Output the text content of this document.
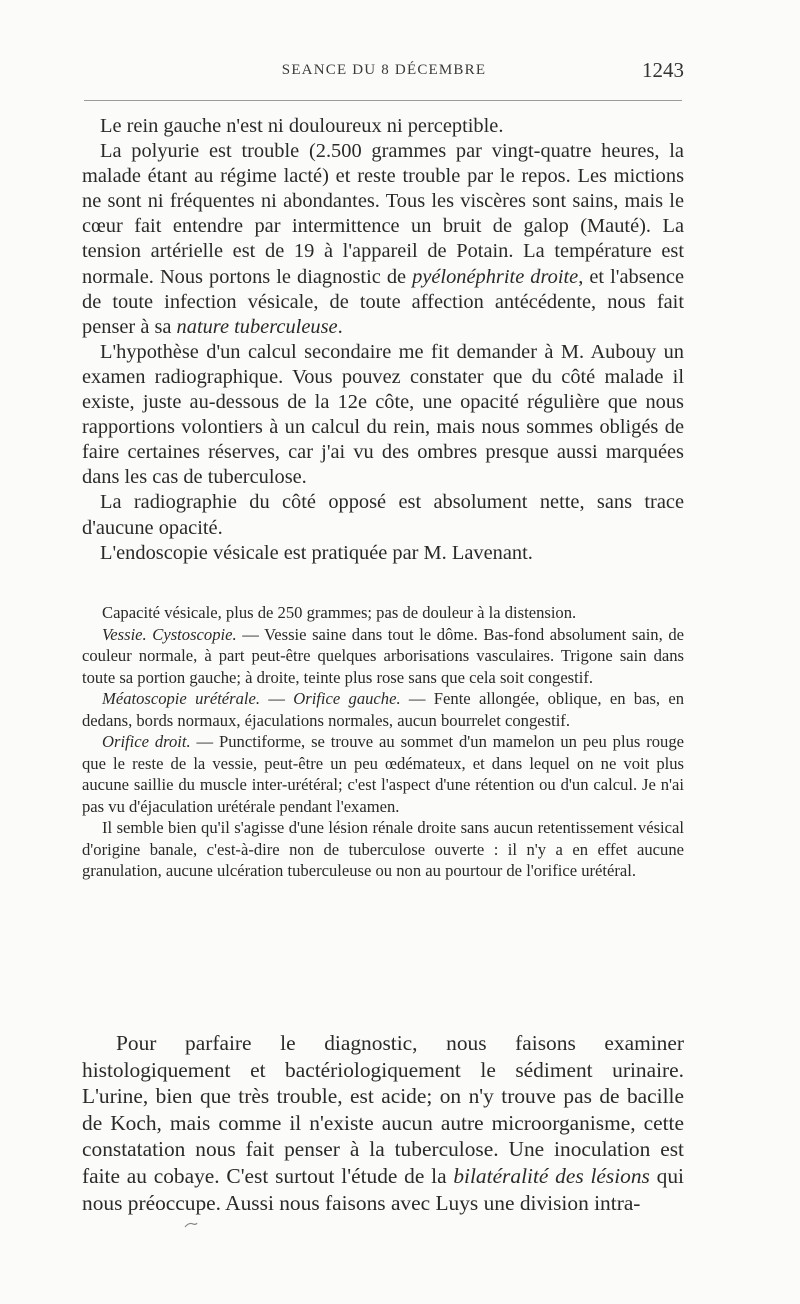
SEANCE DU 8 DÉCEMBRE	1243

Le rein gauche n'est ni douloureux ni perceptible.

La polyurie est trouble (2.500 grammes par vingt-quatre heures, la malade étant au régime lacté) et reste trouble par le repos. Les mictions ne sont ni fréquentes ni abondantes. Tous les viscères sont sains, mais le cœur fait entendre par intermittence un bruit de galop (Mauté). La tension artérielle est de 19 à l'appareil de Potain. La température est normale. Nous portons le diagnostic de pyélonéphrite droite, et l'absence de toute infection vésicale, de toute affection antécédente, nous fait penser à sa nature tuberculeuse.

L'hypothèse d'un calcul secondaire me fit demander à M. Aubouy un examen radiographique. Vous pouvez constater que du côté malade il existe, juste au-dessous de la 12e côte, une opacité régulière que nous rapportions volontiers à un calcul du rein, mais nous sommes obligés de faire certaines réserves, car j'ai vu des ombres presque aussi marquées dans les cas de tuberculose.

La radiographie du côté opposé est absolument nette, sans trace d'aucune opacité.

L'endoscopie vésicale est pratiquée par M. Lavenant.

Capacité vésicale, plus de 250 grammes; pas de douleur à la distension.

Vessie. Cystoscopie. — Vessie saine dans tout le dôme. Bas-fond absolument sain, de couleur normale, à part peut-être quelques arborisations vasculaires. Trigone sain dans toute sa portion gauche; à droite, teinte plus rose sans que cela soit congestif.

Méatoscopie urétérale. — Orifice gauche. — Fente allongée, oblique, en bas, en dedans, bords normaux, éjaculations normales, aucun bourrelet congestif.

Orifice droit. — Punctiforme, se trouve au sommet d'un mamelon un peu plus rouge que le reste de la vessie, peut-être un peu œdémateux, et dans lequel on ne voit plus aucune saillie du muscle inter-urétéral; c'est l'aspect d'une rétention ou d'un calcul. Je n'ai pas vu d'éjaculation urétérale pendant l'examen.

Il semble bien qu'il s'agisse d'une lésion rénale droite sans aucun retentissement vésical d'origine banale, c'est-à-dire non de tuberculose ouverte : il n'y a en effet aucune granulation, aucune ulcération tuberculeuse ou non au pourtour de l'orifice urétéral.

Pour parfaire le diagnostic, nous faisons examiner histologiquement et bactériologiquement le sédiment urinaire. L'urine, bien que très trouble, est acide; on n'y trouve pas de bacille de Koch, mais comme il n'existe aucun autre microorganisme, cette constatation nous fait penser à la tuberculose. Une inoculation est faite au cobaye. C'est surtout l'étude de la bilatéralité des lésions qui nous préoccupe. Aussi nous faisons avec Luys une division intra-
